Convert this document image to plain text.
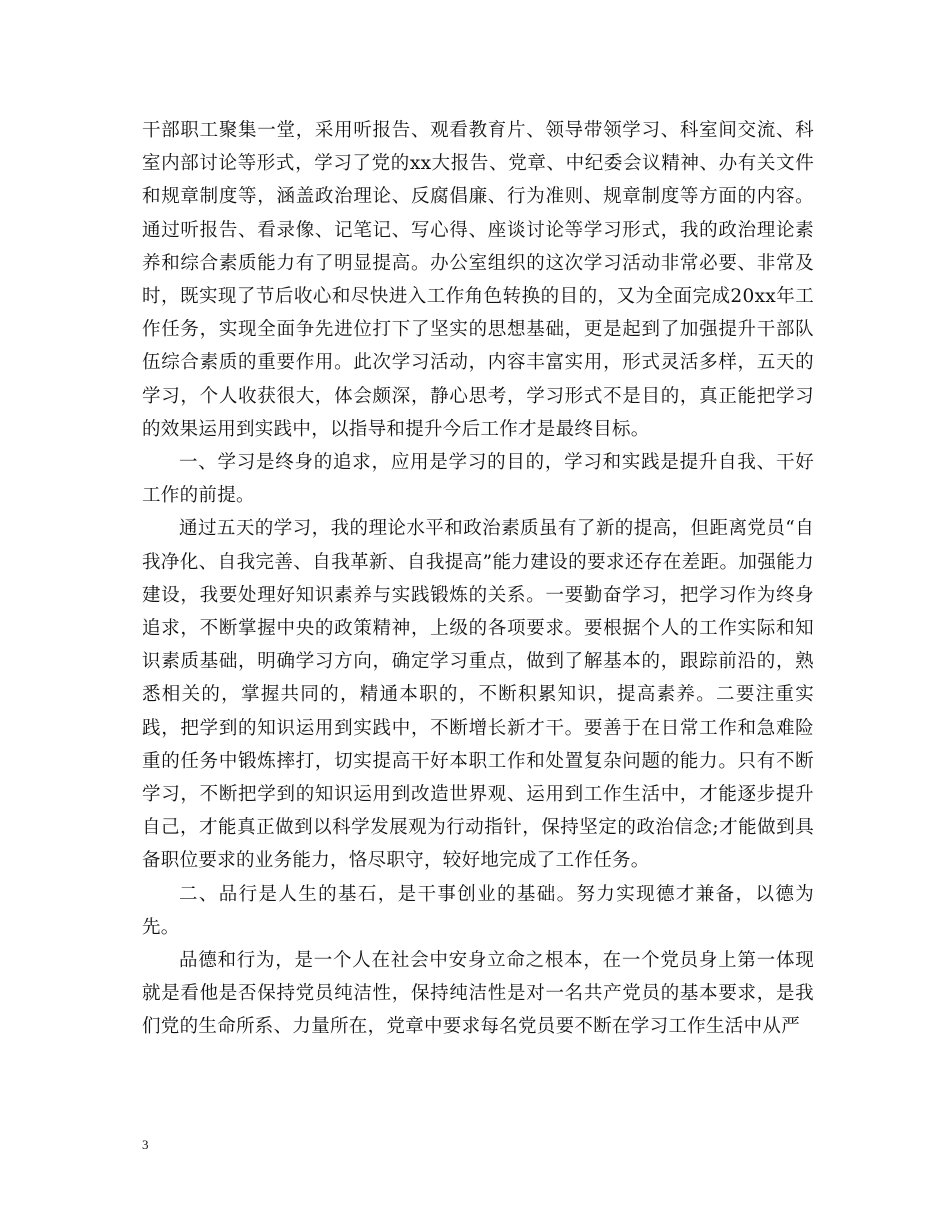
干部职工聚集一堂，采用听报告、观看教育片、领导带领学习、科室间交流、科室内部讨论等形式，学习了党的xx大报告、党章、中纪委会议精神、办有关文件和规章制度等，涵盖政治理论、反腐倡廉、行为准则、规章制度等方面的内容。通过听报告、看录像、记笔记、写心得、座谈讨论等学习形式，我的政治理论素养和综合素质能力有了明显提高。办公室组织的这次学习活动非常必要、非常及时，既实现了节后收心和尽快进入工作角色转换的目的，又为全面完成20xx年工作任务，实现全面争先进位打下了坚实的思想基础，更是起到了加强提升干部队伍综合素质的重要作用。此次学习活动，内容丰富实用，形式灵活多样，五天的学习，个人收获很大，体会颇深，静心思考，学习形式不是目的，真正能把学习的效果运用到实践中，以指导和提升今后工作才是最终目标。

一、学习是终身的追求，应用是学习的目的，学习和实践是提升自我、干好工作的前提。

通过五天的学习，我的理论水平和政治素质虽有了新的提高，但距离党员“自我净化、自我完善、自我革新、自我提高”能力建设的要求还存在差距。加强能力建设，我要处理好知识素养与实践锻炼的关系。一要勤奋学习，把学习作为终身追求，不断掌握中央的政策精神，上级的各项要求。要根据个人的工作实际和知识素质基础，明确学习方向，确定学习重点，做到了解基本的，跟踪前沿的，熟悉相关的，掌握共同的，精通本职的，不断积累知识，提高素养。二要注重实践，把学到的知识运用到实践中，不断增长新才干。要善于在日常工作和急难险重的任务中锻炼摔打，切实提高干好本职工作和处置复杂问题的能力。只有不断学习，不断把学到的知识运用到改造世界观、运用到工作生活中，才能逐步提升自己，才能真正做到以科学发展观为行动指针，保持坚定的政治信念;才能做到具备职位要求的业务能力，恪尽职守，较好地完成了工作任务。

二、品行是人生的基石，是干事创业的基础。努力实现德才兼备，以德为先。

品德和行为，是一个人在社会中安身立命之根本，在一个党员身上第一体现就是看他是否保持党员纯洁性，保持纯洁性是对一名共产党员的基本要求，是我们党的生命所系、力量所在，党章中要求每名党员要不断在学习工作生活中从严

3
